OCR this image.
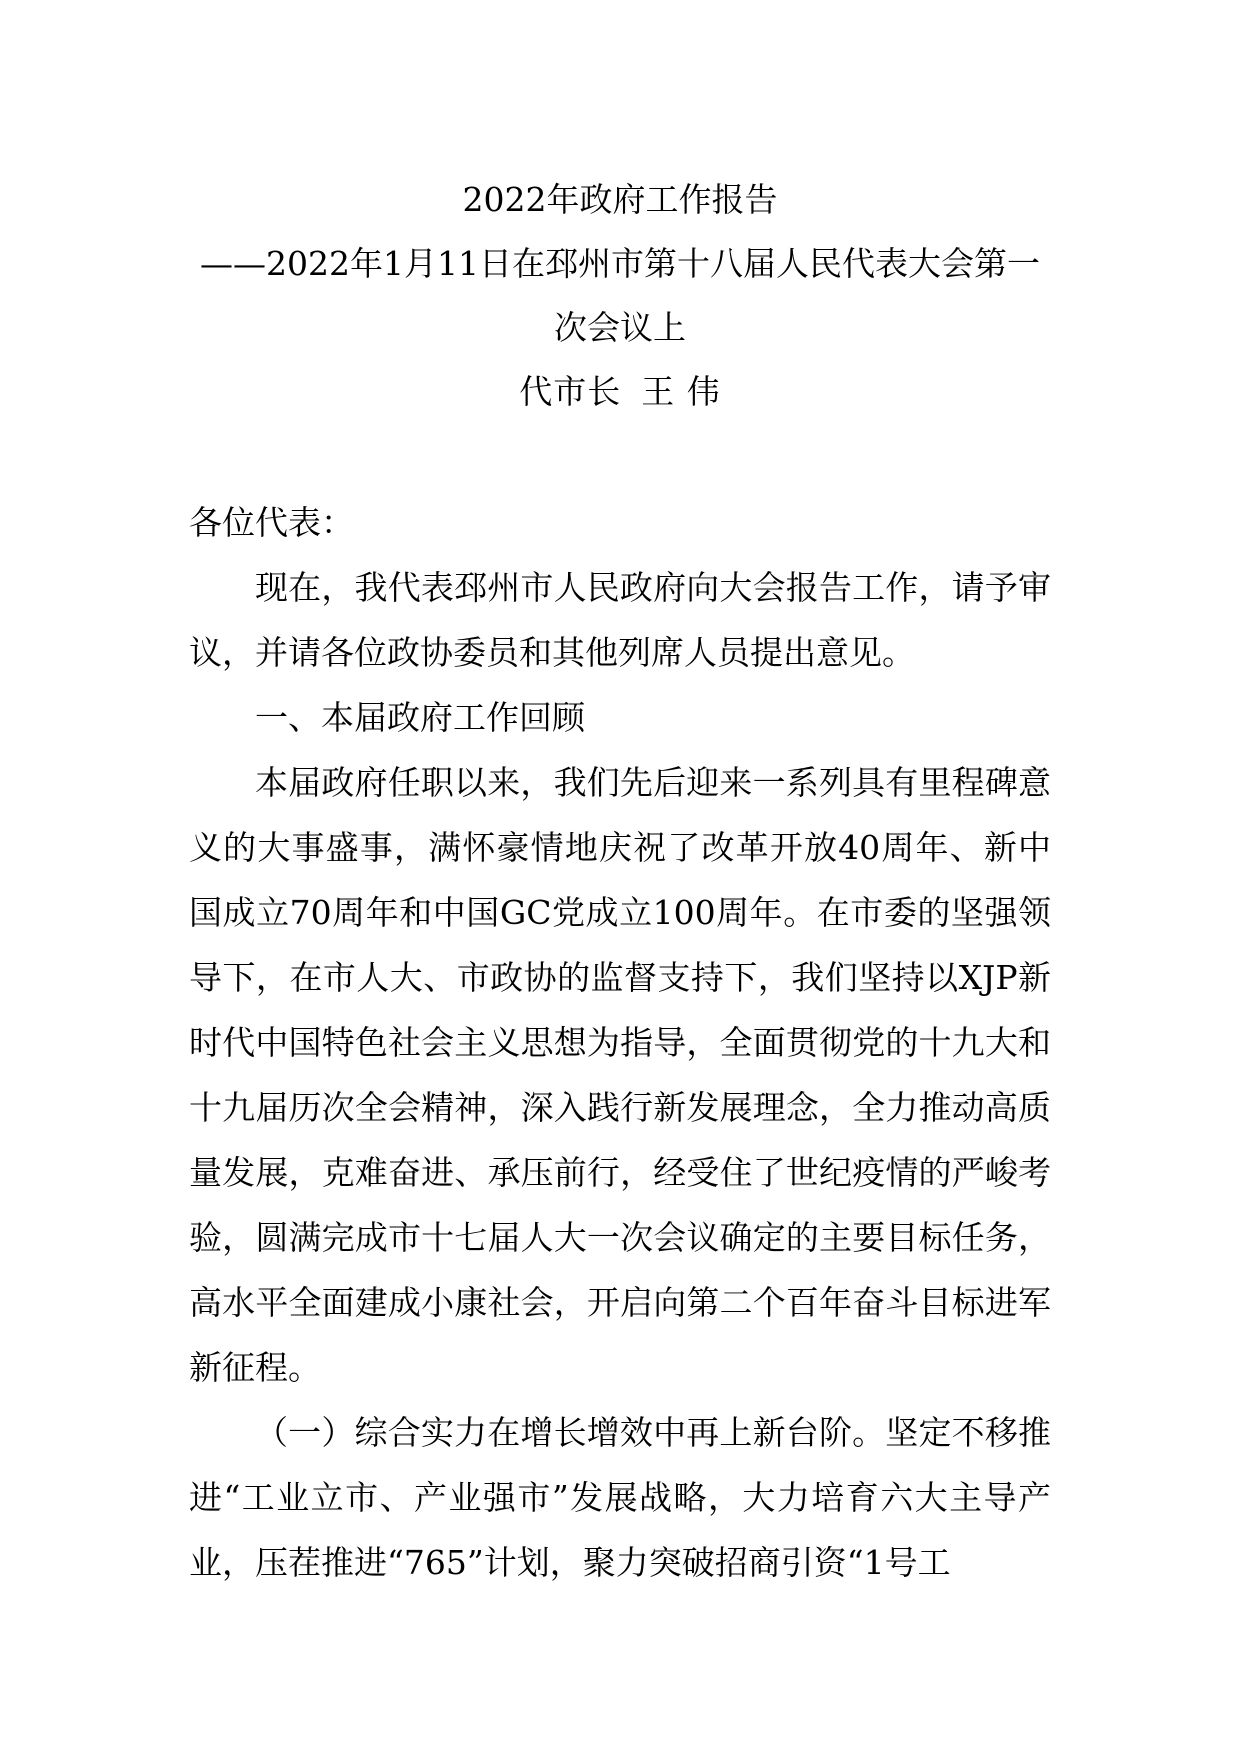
2022年政府工作报告
——2022年1月11日在邳州市第十八届人民代表大会第一次会议上
代市长 王 伟

各位代表：

现在，我代表邳州市人民政府向大会报告工作，请予审议，并请各位政协委员和其他列席人员提出意见。

一、本届政府工作回顾

本届政府任职以来，我们先后迎来一系列具有里程碑意义的大事盛事，满怀豪情地庆祝了改革开放40周年、新中国成立70周年和中国GC党成立100周年。在市委的坚强领导下，在市人大、市政协的监督支持下，我们坚持以XJP新时代中国特色社会主义思想为指导，全面贯彻党的十九大和十九届历次全会精神，深入践行新发展理念，全力推动高质量发展，克难奋进、承压前行，经受住了世纪疫情的严峻考验，圆满完成市十七届人大一次会议确定的主要目标任务，高水平全面建成小康社会，开启向第二个百年奋斗目标进军新征程。

（一）综合实力在增长增效中再上新台阶。坚定不移推进“工业立市、产业强市”发展战略，大力培育六大主导产业，压茬推进“765”计划，聚力突破招商引资“1号工
